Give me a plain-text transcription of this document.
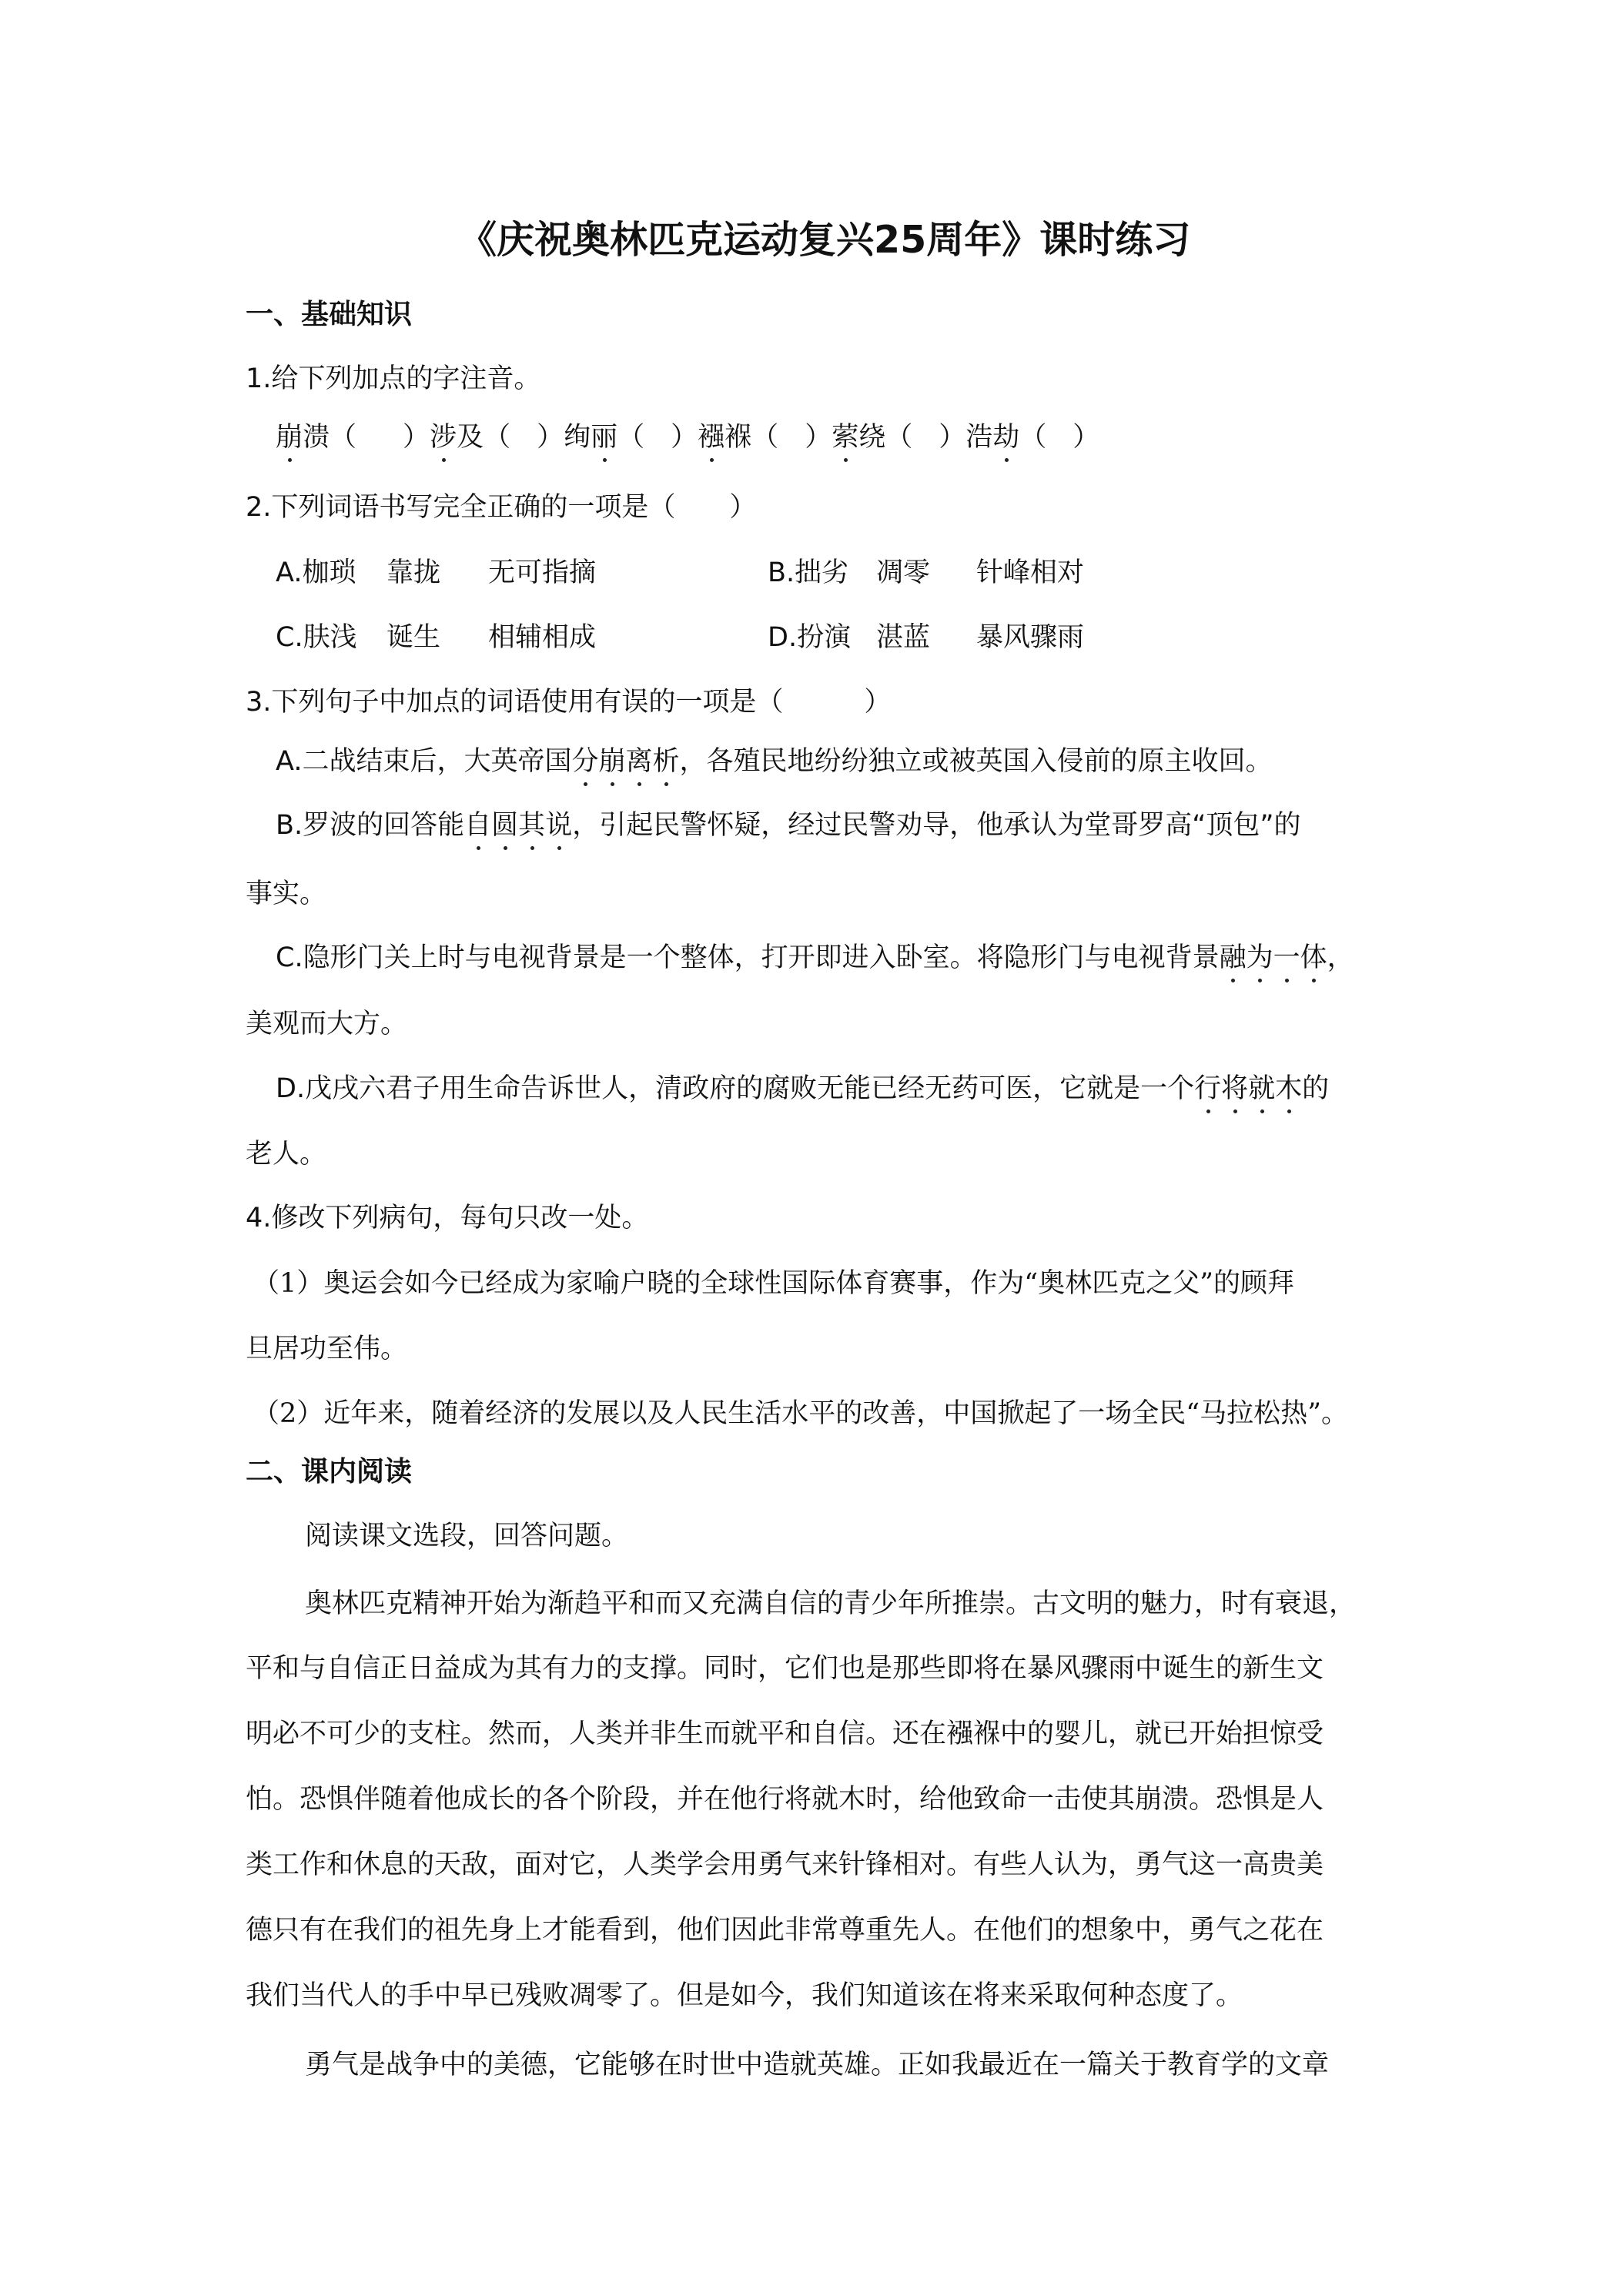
《庆祝奥林匹克运动复兴25周年》课时练习
一、基础知识
1.给下列加点的字注音。
崩
溃（ ）涉
及（ ）绚丽
（ ）襁
褓（ ）萦
绕（ ）浩劫
（ ）
2.下列词语书写完全正确的一项是（　　）
A.枷琐 靠拢 无可指摘	B.拙劣 凋零 针峰相对
C.肤浅 诞生 相辅相成	D.扮演 湛蓝 暴风骤雨
3.下列句子中加点的词语使用有误的一项是（　　　）
A.二战结束后，大英帝国分
崩
离
析
，各殖民地纷纷独立或被英国入侵前的原主收回。
B.罗波的回答能自
圆
其
说
，引起民警怀疑，经过民警劝导，他承认为堂哥罗高“顶包”的
事实。
C.隐形门关上时与电视背景是一个整体，打开即进入卧室。将隐形门与电视背景融
为
一
体
，
美观而大方。
D.戊戌六君子用生命告诉世人，清政府的腐败无能已经无药可医，它就是一个行
将
就
木
的
老人。
4.修改下列病句，每句只改一处。
（1）奥运会如今已经成为家喻户晓的全球性国际体育赛事，作为“奥林匹克之父”的顾拜
旦居功至伟。
（2）近年来，随着经济的发展以及人民生活水平的改善，中国掀起了一场全民“马拉松热”。
二、课内阅读
阅读课文选段，回答问题。
奥林匹克精神开始为渐趋平和而又充满自信的青少年所推崇。古文明的魅力，时有衰退，
平和与自信正日益成为其有力的支撑。同时，它们也是那些即将在暴风骤雨中诞生的新生文
明必不可少的支柱。然而，人类并非生而就平和自信。还在襁褓中的婴儿，就已开始担惊受
怕。恐惧伴随着他成长的各个阶段，并在他行将就木时，给他致命一击使其崩溃。恐惧是人
类工作和休息的天敌，面对它，人类学会用勇气来针锋相对。有些人认为，勇气这一高贵美
德只有在我们的祖先身上才能看到，他们因此非常尊重先人。在他们的想象中，勇气之花在
我们当代人的手中早已残败凋零了。但是如今，我们知道该在将来采取何种态度了。
勇气是战争中的美德，它能够在时世中造就英雄。正如我最近在一篇关于教育学的文章
